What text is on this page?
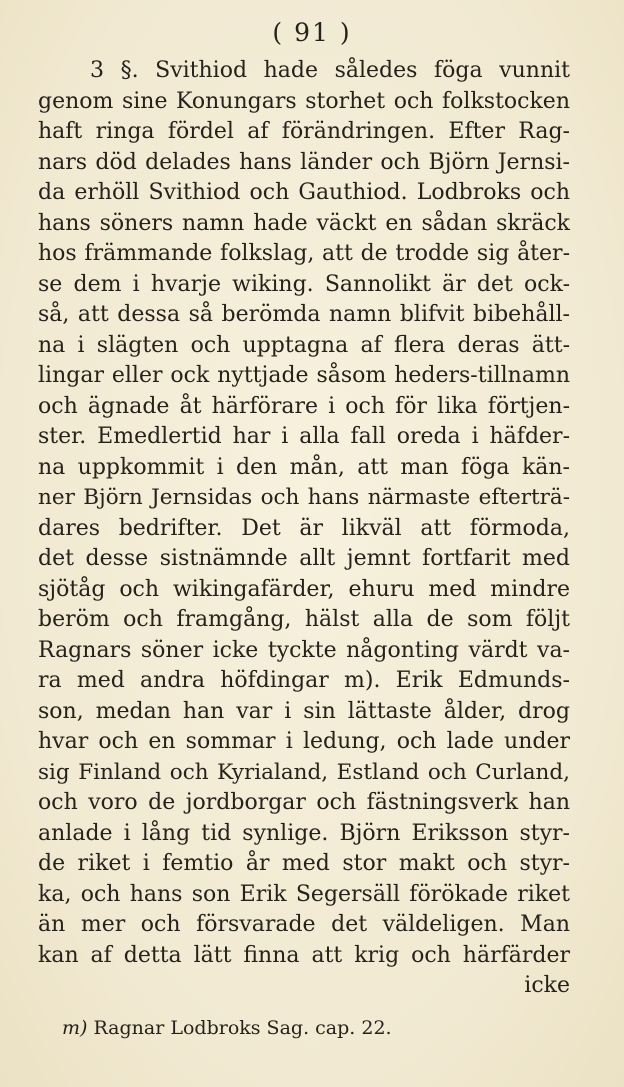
( 91 )
3 §. Svithiod hade således föga vunnit
genom sine Konungars storhet och folkstocken
haft ringa fördel af förändringen. Efter Rag-
nars död delades hans länder och Björn Jernsi-
da erhöll Svithiod och Gauthiod. Lodbroks och
hans söners namn hade väckt en sådan skräck
hos främmande folkslag, att de trodde sig åter-
se dem i hvarje wiking. Sannolikt är det ock-
så, att dessa så berömda namn blifvit bibehåll-
na i slägten och upptagna af flera deras ätt-
lingar eller ock nyttjade såsom heders-tillnamn
och ägnade åt härförare i och för lika förtjen-
ster. Emedlertid har i alla fall oreda i häfder-
na uppkommit i den mån, att man föga kän-
ner Björn Jernsidas och hans närmaste efterträ-
dares bedrifter. Det är likväl att förmoda,
det desse sistnämnde allt jemnt fortfarit med
sjötåg och wikingafärder, ehuru med mindre
beröm och framgång, hälst alla de som följt
Ragnars söner icke tyckte någonting värdt va-
ra med andra höfdingar m). Erik Edmunds-
son, medan han var i sin lättaste ålder, drog
hvar och en sommar i ledung, och lade under
sig Finland och Kyrialand, Estland och Curland,
och voro de jordborgar och fästningsverk han
anlade i lång tid synlige. Björn Eriksson styr-
de riket i femtio år med stor makt och styr-
ka, och hans son Erik Segersäll förökade riket
än mer och försvarade det väldeligen. Man
kan af detta lätt finna att krig och härfärder
icke
m) Ragnar Lodbroks Sag. cap. 22.
